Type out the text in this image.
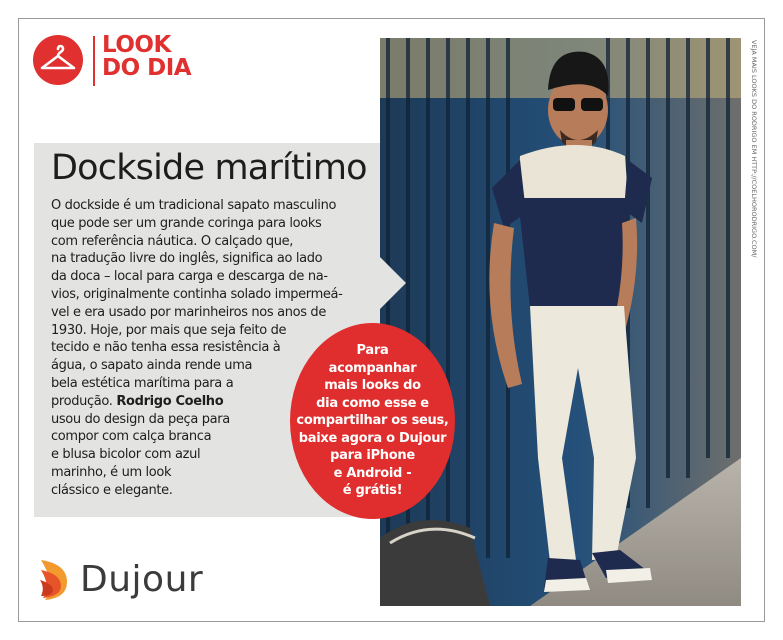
LOOK
DO DIA	VEJA MAIS LOOKS DO RODRIGO EM HTTP://COELHORODRIGO.COM/
Dockside marítimo
O dockside é um tradicional sapato masculino
que pode ser um grande coringa para looks
com referência náutica. O calçado que,
na tradução livre do inglês, significa ao lado
da doca – local para carga e descarga de na-
vios, originalmente continha solado impermeá-
vel e era usado por marinheiros nos anos de
1930. Hoje, por mais que seja feito de
tecido e não tenha essa resistência à
água, o sapato ainda rende uma
bela estética marítima para a
produção. Rodrigo Coelho
usou do design da peça para
compor com calça branca
e blusa bicolor com azul
marinho, é um look
clássico e elegante.
Para
acompanhar
mais looks do
dia como esse e
compartilhar os seus,
baixe agora o Dujour
para iPhone
e Android -
é grátis!
Dujour
